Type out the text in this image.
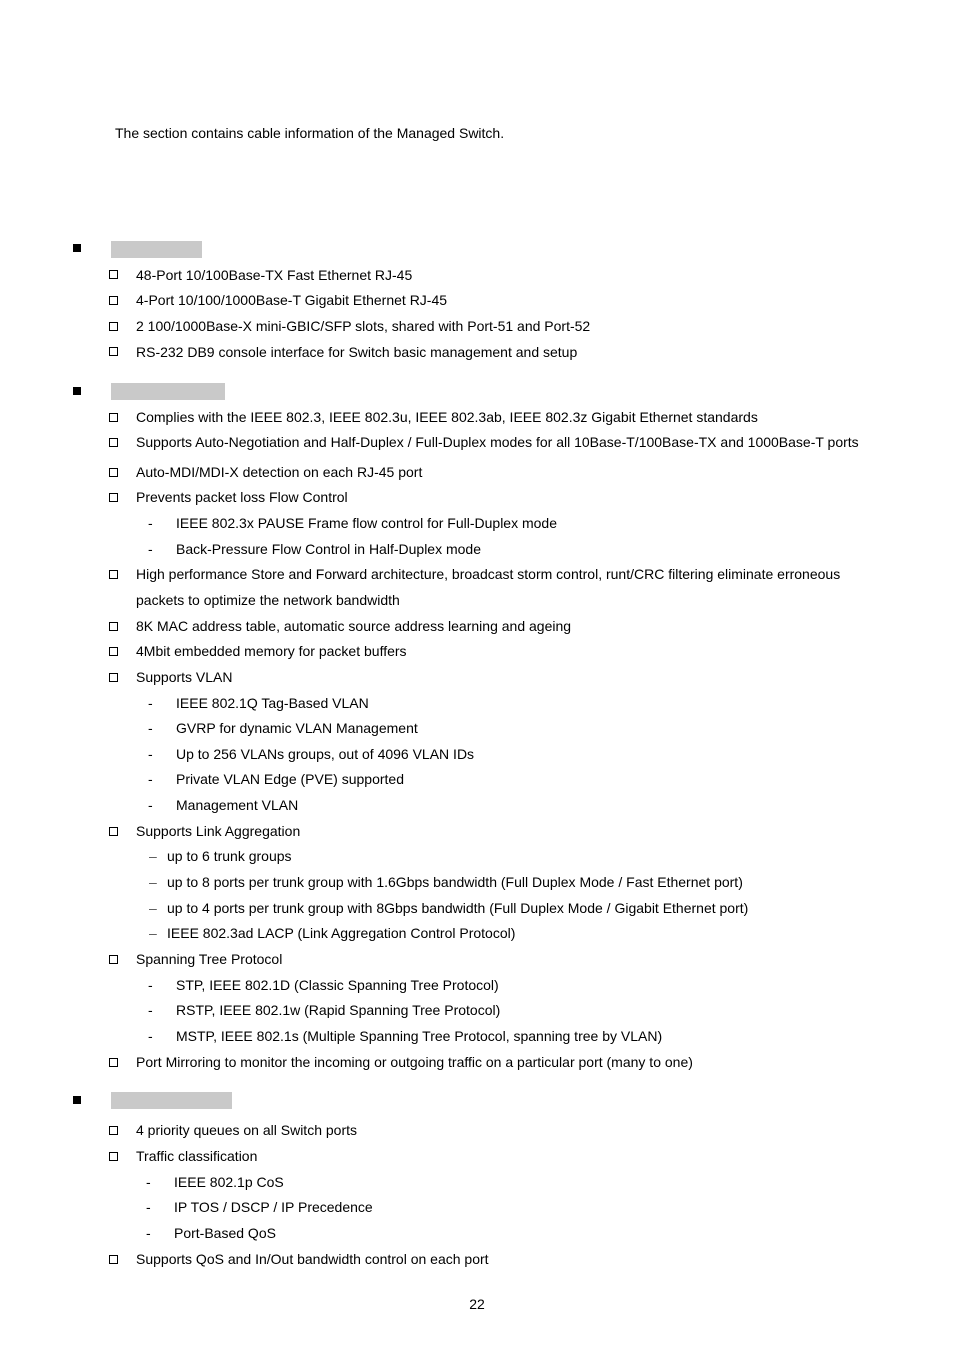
The section contains cable information of the Managed Switch.
48-Port 10/100Base-TX Fast Ethernet RJ-45
4-Port 10/100/1000Base-T Gigabit Ethernet RJ-45
2 100/1000Base-X mini-GBIC/SFP slots, shared with Port-51 and Port-52
RS-232 DB9 console interface for Switch basic management and setup
Complies with the IEEE 802.3, IEEE 802.3u, IEEE 802.3ab, IEEE 802.3z Gigabit Ethernet standards
Supports Auto-Negotiation and Half-Duplex / Full-Duplex modes for all 10Base-T/100Base-TX and 1000Base-T ports
Auto-MDI/MDI-X detection on each RJ-45 port
Prevents packet loss Flow Control
- IEEE 802.3x PAUSE Frame flow control for Full-Duplex mode
- Back-Pressure Flow Control in Half-Duplex mode
High performance Store and Forward architecture, broadcast storm control, runt/CRC filtering eliminate erroneous
packets to optimize the network bandwidth
8K MAC address table, automatic source address learning and ageing
4Mbit embedded memory for packet buffers
Supports VLAN
- IEEE 802.1Q Tag-Based VLAN
- GVRP for dynamic VLAN Management
- Up to 256 VLANs groups, out of 4096 VLAN IDs
- Private VLAN Edge (PVE) supported
- Management VLAN
Supports Link Aggregation
– up to 6 trunk groups
– up to 8 ports per trunk group with 1.6Gbps bandwidth (Full Duplex Mode / Fast Ethernet port)
– up to 4 ports per trunk group with 8Gbps bandwidth (Full Duplex Mode / Gigabit Ethernet port)
– IEEE 802.3ad LACP (Link Aggregation Control Protocol)
Spanning Tree Protocol
- STP, IEEE 802.1D (Classic Spanning Tree Protocol)
- RSTP, IEEE 802.1w (Rapid Spanning Tree Protocol)
- MSTP, IEEE 802.1s (Multiple Spanning Tree Protocol, spanning tree by VLAN)
Port Mirroring to monitor the incoming or outgoing traffic on a particular port (many to one)
4 priority queues on all Switch ports
Traffic classification
- IEEE 802.1p CoS
- IP TOS / DSCP / IP Precedence
- Port-Based QoS
Supports QoS and In/Out bandwidth control on each port
22
